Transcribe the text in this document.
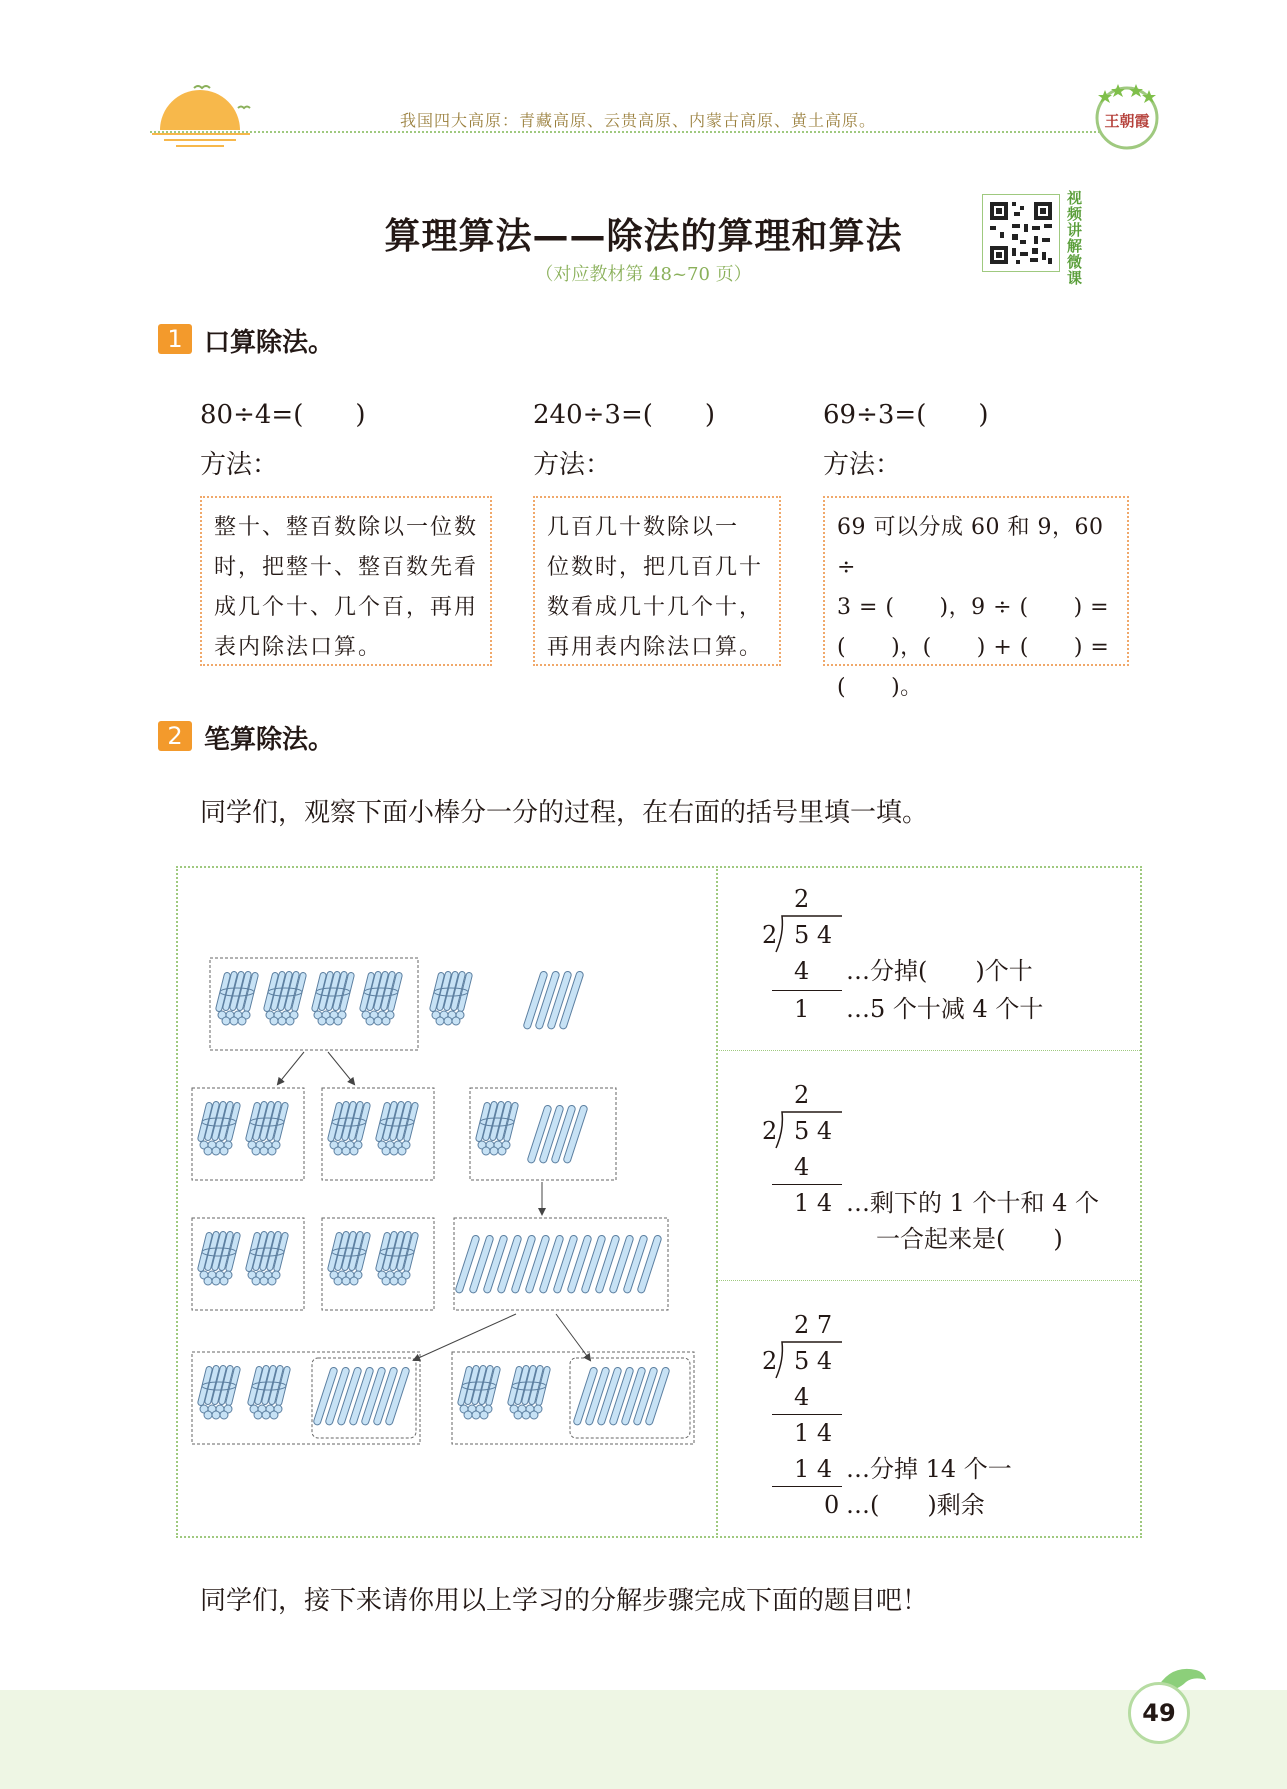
我国四大高原：青藏高原、云贵高原、内蒙古高原、黄土高原。	王朝霞
算理算法——除法的算理和算法
（对应教材第 48~70 页）
视频讲解微课
1 口算除法。
80÷4=(　　)	240÷3=(　　)	69÷3=(　　)
方法：	方法：	方法：
整十、整百数除以一位数
时，把整十、整百数先看
成几个十、几个百，再用
表内除法口算。
几百几十数除以一
位数时，把几百几十
数看成几十几个十，
再用表内除法口算。
69 可以分成 60 和 9，60 ÷
3 = (　　)，9 ÷ (　　) =
(　　)，(　　) + (　　) =
(　　)。
2 笔算除法。
同学们，观察下面小棒分一分的过程，在右面的括号里填一填。
2
2 5 4
4
1
…分掉(　　)个十
…5 个十减 4 个十
2
2 5 4
4
1 4 …剩下的 1 个十和 4 个
一合起来是(　　)
2 7
2 5 4
4
1 4
1 4 …分掉 14 个一
0 …(　　)剩余
同学们，接下来请你用以上学习的分解步骤完成下面的题目吧！
49
